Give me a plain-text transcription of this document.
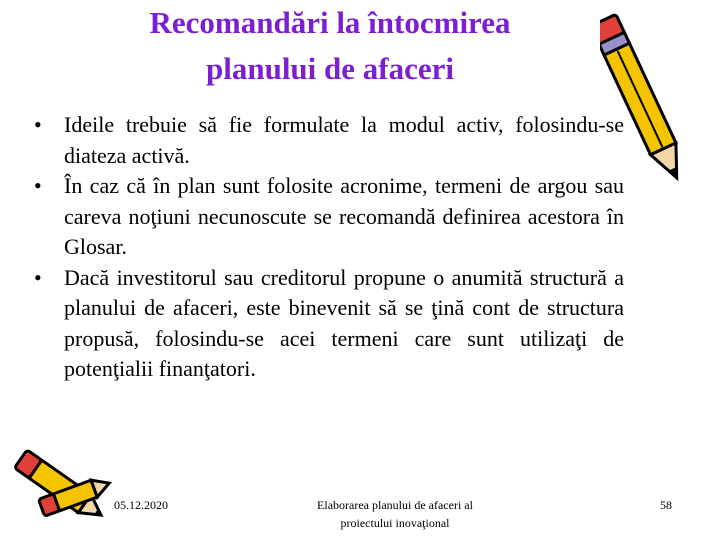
Recomandări la întocmirea
planului de afaceri
• Ideile trebuie să fie formulate la modul activ, folosindu-se diateza activă.
• În caz că în plan sunt folosite acronime, termeni de argou sau careva noţiuni necunoscute se recomandă definirea acestora în Glosar.
• Dacă investitorul sau creditorul propune o anumită structură a planului de afaceri, este binevenit să se ţină cont de structura propusă, folosindu-se acei termeni care sunt utilizaţi de potenţialii finanţatori.
05.12.2020	Elaborarea planului de afaceri al
proiectului inovaţional
58
